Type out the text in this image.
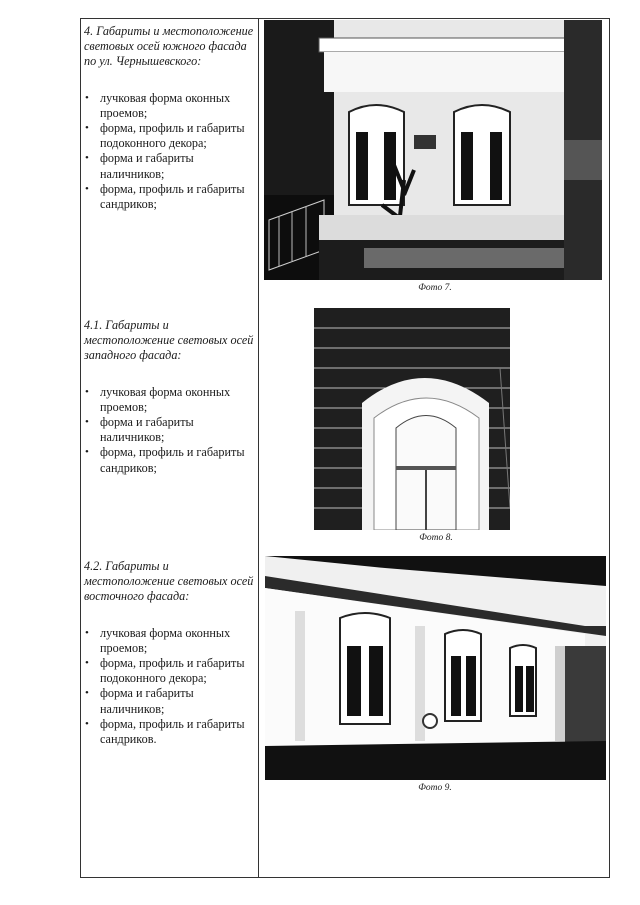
4. Габариты и местоположение световых осей южного фасада по ул. Чернышевского:

• лучковая форма оконных проемов;
• форма, профиль и габариты подоконного декора;
• форма и габариты наличников;
• форма, профиль и габариты сандриков;
Фото 7.

4.1. Габариты и местоположение световых осей западного фасада:

• лучковая форма оконных проемов;
• форма и габариты наличников;
• форма, профиль и габариты сандриков;
Фото 8.

4.2. Габариты и местоположение световых осей восточного фасада:

• лучковая форма оконных проемов;
• форма, профиль и габариты подоконного декора;
• форма и габариты наличников;
• форма, профиль и габариты сандриков.
Фото 9.
